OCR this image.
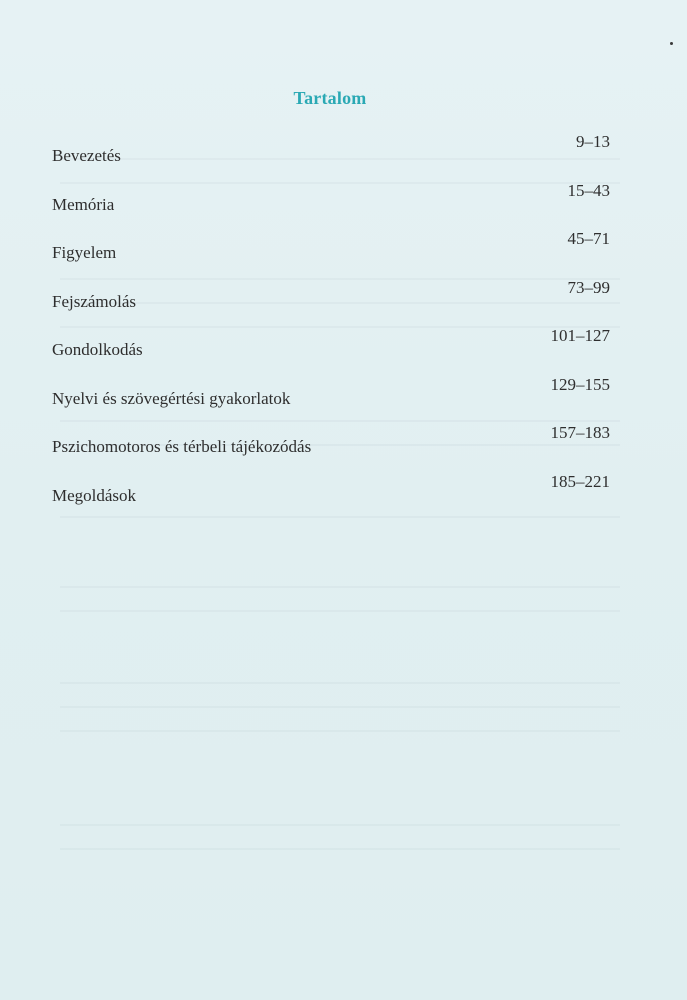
Tartalom
Bevezetés
9–13
Memória
15–43
Figyelem
45–71
Fejszámolás
73–99
Gondolkodás
101–127
Nyelvi és szövegértési gyakorlatok
129–155
Pszichomotoros és térbeli tájékozódás
157–183
Megoldások
185–221
